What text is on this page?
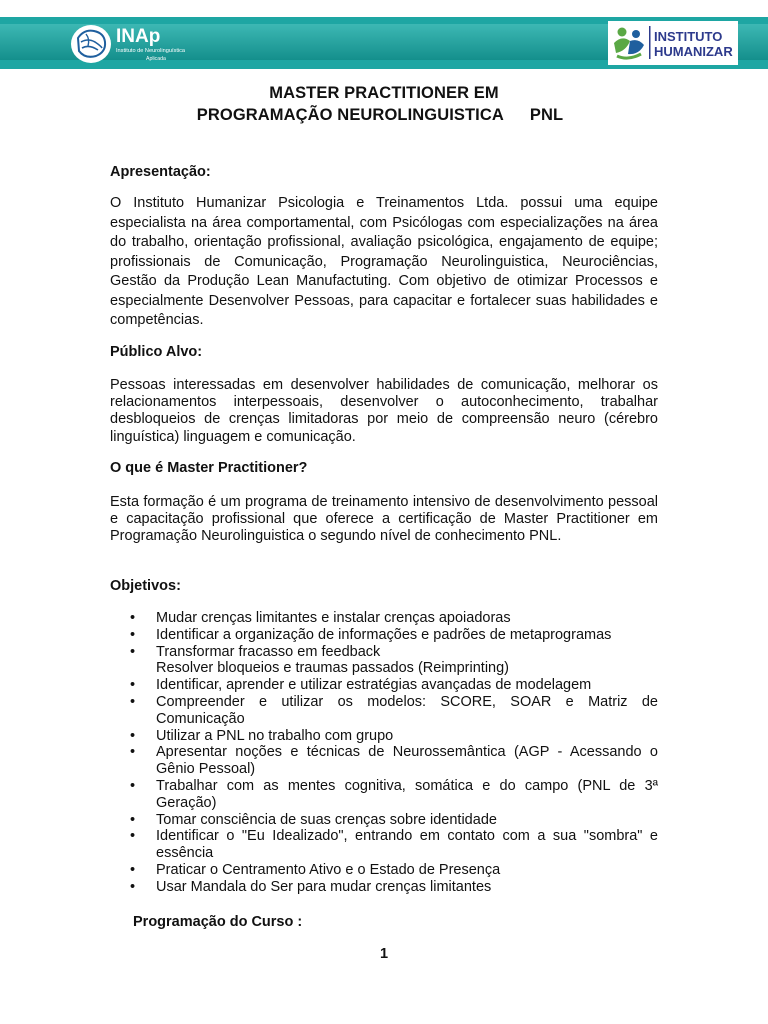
INAp
Instituto de Neurolinguística
Aplicada
INSTITUTO
HUMANIZAR
MASTER PRACTITIONER EM
PROGRAMAÇÃO NEUROLINGUISTICA PNL
Apresentação:
O Instituto Humanizar Psicologia e Treinamentos Ltda. possui uma equipe especialista na área comportamental, com Psicólogas com especializações na área do trabalho, orientação profissional, avaliação psicológica, engajamento de equipe; profissionais de Comunicação, Programação Neurolinguistica, Neurociências, Gestão da Produção Lean Manufactuting. Com objetivo de otimizar Processos e especialmente Desenvolver Pessoas, para capacitar e fortalecer suas habilidades e competências.
Público Alvo:
Pessoas interessadas em desenvolver habilidades de comunicação, melhorar os relacionamentos interpessoais, desenvolver o autoconhecimento, trabalhar desbloqueios de crenças limitadoras por meio de compreensão neuro (cérebro linguística) linguagem e comunicação.
O que é Master Practitioner?
Esta formação é um programa de treinamento intensivo de desenvolvimento pessoal e capacitação profissional que oferece a certificação de Master Practitioner em Programação Neurolinguistica o segundo nível de conhecimento PNL.
Objetivos:
• Mudar crenças limitantes e instalar crenças apoiadoras
• Identificar a organização de informações e padrões de metaprogramas
• Transformar fracasso em feedback
Resolver bloqueios e traumas passados (Reimprinting)
• Identificar, aprender e utilizar estratégias avançadas de modelagem
• Compreender e utilizar os modelos: SCORE, SOAR e Matriz de Comunicação
• Utilizar a PNL no trabalho com grupo
• Apresentar noções e técnicas de Neurossemântica (AGP - Acessando o Gênio Pessoal)
• Trabalhar com as mentes cognitiva, somática e do campo (PNL de 3ª Geração)
• Tomar consciência de suas crenças sobre identidade
• Identificar o "Eu Idealizado", entrando em contato com a sua "sombra" e essência
• Praticar o Centramento Ativo e o Estado de Presença
• Usar Mandala do Ser para mudar crenças limitantes
Programação do Curso :
1
